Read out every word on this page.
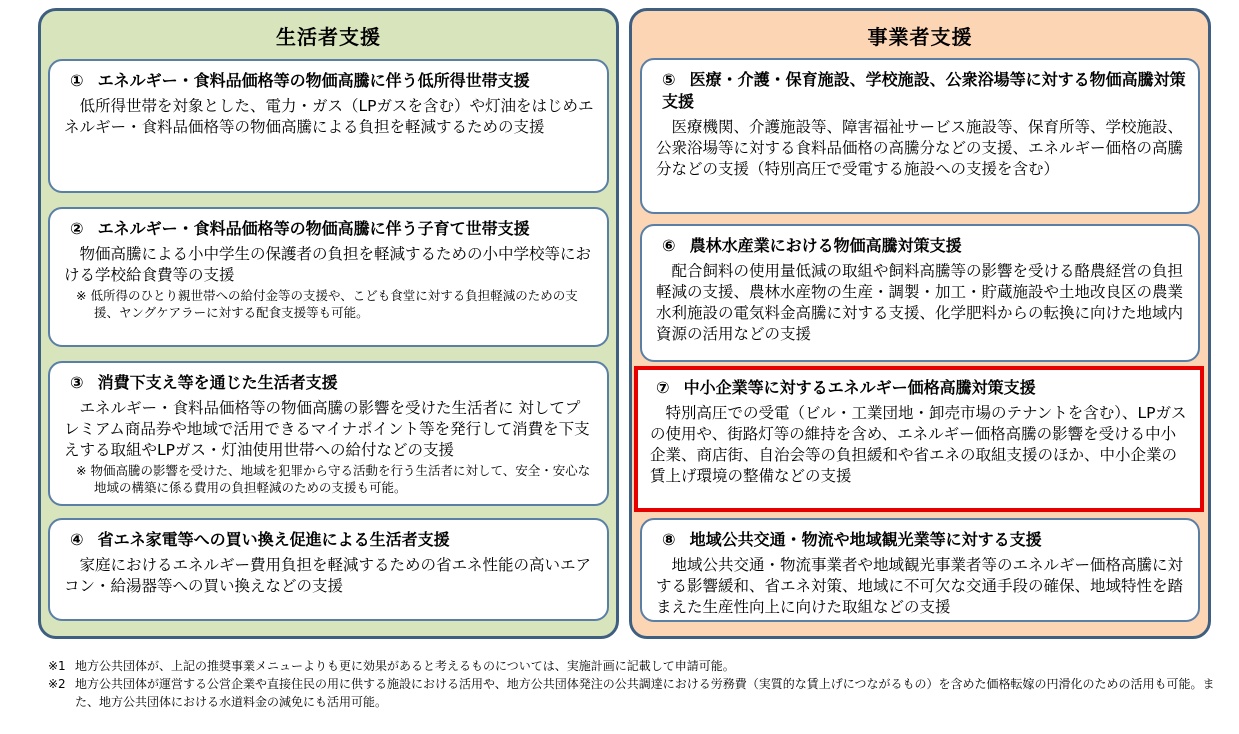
生活者支援
① エネルギー・食料品価格等の物価高騰に伴う低所得世帯支援
低所得世帯を対象とした、電力・ガス（LPガスを含む）や灯油をはじめエネルギー・食料品価格等の物価高騰による負担を軽減するための支援
② エネルギー・食料品価格等の物価高騰に伴う子育て世帯支援
物価高騰による小中学生の保護者の負担を軽減するための小中学校等における学校給食費等の支援
※ 低所得のひとり親世帯への給付金等の支援や、こども食堂に対する負担軽減のための支援、ヤングケアラーに対する配食支援等も可能。
③ 消費下支え等を通じた生活者支援
エネルギー・食料品価格等の物価高騰の影響を受けた生活者に 対してプレミアム商品券や地域で活用できるマイナポイント等を発行して消費を下支えする取組やLPガス・灯油使用世帯への給付などの支援
※ 物価高騰の影響を受けた、地域を犯罪から守る活動を行う生活者に対して、安全・安心な地域の構築に係る費用の負担軽減のための支援も可能。
④ 省エネ家電等への買い換え促進による生活者支援
家庭におけるエネルギー費用負担を軽減するための省エネ性能の高いエアコン・給湯器等への買い換えなどの支援
事業者支援
⑤ 医療・介護・保育施設、学校施設、公衆浴場等に対する物価高騰対策支援
医療機関、介護施設等、障害福祉サービス施設等、保育所等、学校施設、公衆浴場等に対する食料品価格の高騰分などの支援、エネルギー価格の高騰分などの支援（特別高圧で受電する施設への支援を含む）
⑥ 農林水産業における物価高騰対策支援
配合飼料の使用量低減の取組や飼料高騰等の影響を受ける酪農経営の負担軽減の支援、農林水産物の生産・調製・加工・貯蔵施設や土地改良区の農業水利施設の電気料金高騰に対する支援、化学肥料からの転換に向けた地域内資源の活用などの支援
⑦ 中小企業等に対するエネルギー価格高騰対策支援
特別高圧での受電（ビル・工業団地・卸売市場のテナントを含む）、LPガスの使用や、街路灯等の維持を含め、エネルギー価格高騰の影響を受ける中小企業、商店街、自治会等の負担緩和や省エネの取組支援のほか、中小企業の賃上げ環境の整備などの支援
⑧ 地域公共交通・物流や地域観光業等に対する支援
地域公共交通・物流事業者や地域観光事業者等のエネルギー価格高騰に対する影響緩和、省エネ対策、地域に不可欠な交通手段の確保、地域特性を踏まえた生産性向上に向けた取組などの支援
※1 地方公共団体が、上記の推奨事業メニューよりも更に効果があると考えるものについては、実施計画に記載して申請可能。
※2 地方公共団体が運営する公営企業や直接住民の用に供する施設における活用や、地方公共団体発注の公共調達における労務費（実質的な賃上げにつながるもの）を含めた価格転嫁の円滑化のための活用も可能。また、地方公共団体における水道料金の減免にも活用可能。
